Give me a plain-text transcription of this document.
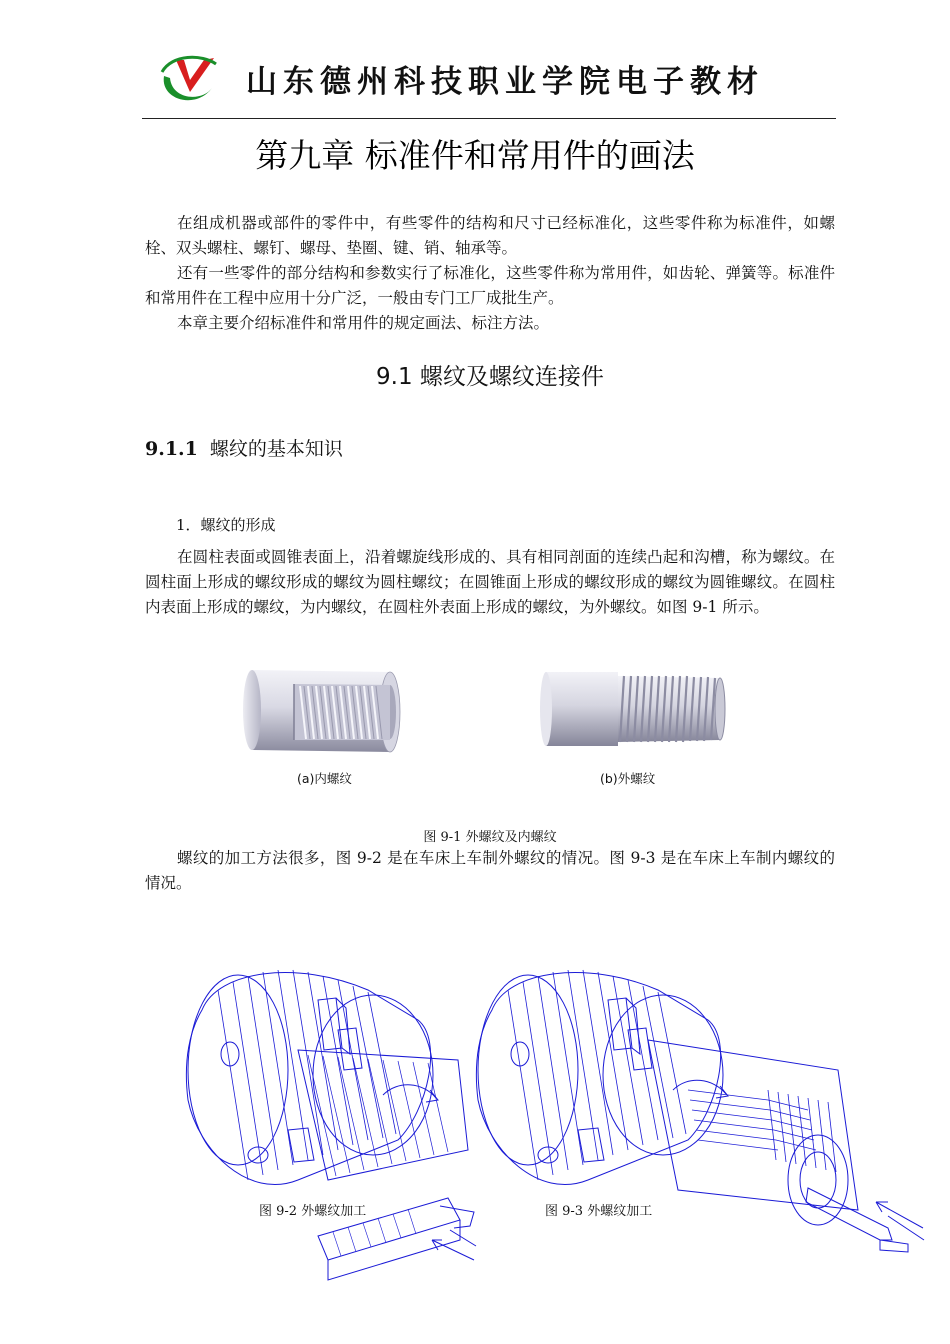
山东德州科技职业学院电子教材
第九章 标准件和常用件的画法

在组成机器或部件的零件中，有些零件的结构和尺寸已经标准化，这些零件称为标准件，如螺栓、双头螺柱、螺钉、螺母、垫圈、键、销、轴承等。

还有一些零件的部分结构和参数实行了标准化，这些零件称为常用件，如齿轮、弹簧等。标准件和常用件在工程中应用十分广泛，一般由专门工厂成批生产。

本章主要介绍标准件和常用件的规定画法、标注方法。

9.1 螺纹及螺纹连接件
9.1.1 螺纹的基本知识
1．螺纹的形成

在圆柱表面或圆锥表面上，沿着螺旋线形成的、具有相同剖面的连续凸起和沟槽，称为螺纹。在圆柱面上形成的螺纹形成的螺纹为圆柱螺纹；在圆锥面上形成的螺纹形成的螺纹为圆锥螺纹。在圆柱内表面上形成的螺纹，为内螺纹，在圆柱外表面上形成的螺纹，为外螺纹。如图 9-1 所示。

(a)内螺纹	(b)外螺纹
图 9-1 外螺纹及内螺纹

螺纹的加工方法很多，图 9-2 是在车床上车制外螺纹的情况。图 9-3 是在车床上车制内螺纹的情况。

图 9-2 外螺纹加工	图 9-3 外螺纹加工
